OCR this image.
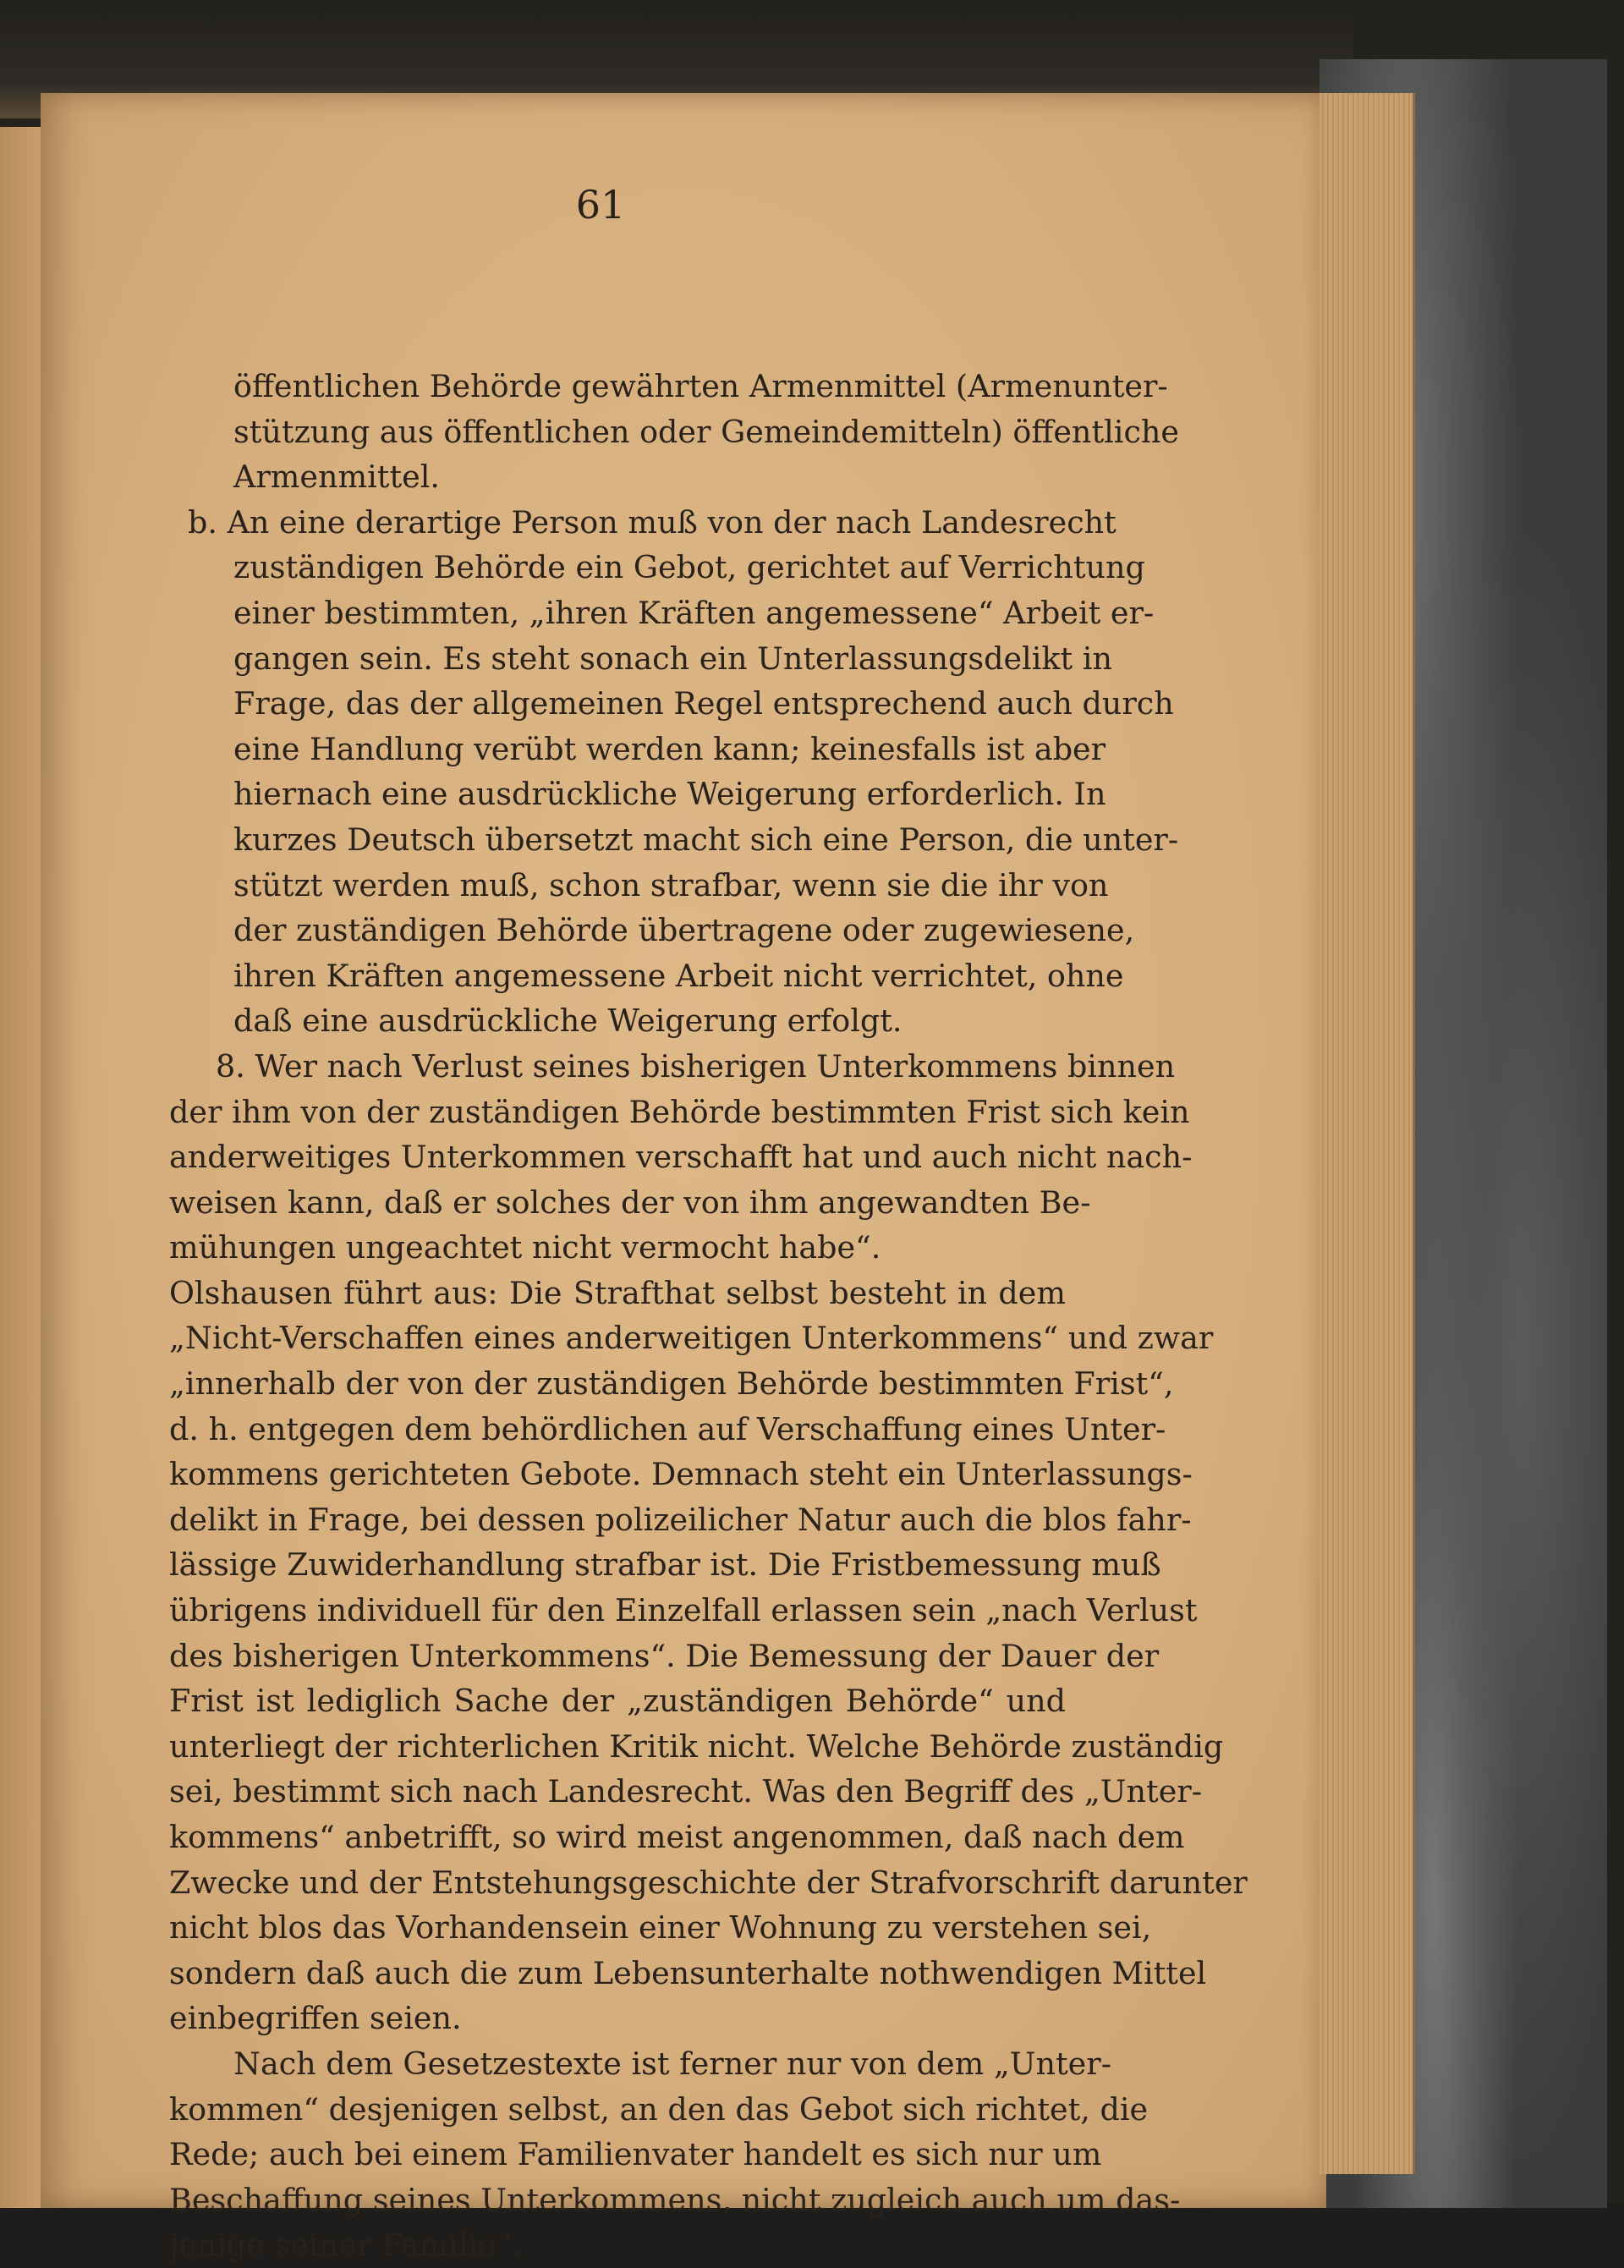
61
öffentlichen Behörde gewährten Armenmittel (Armenunter-
stützung aus öffentlichen oder Gemeindemitteln) öffentliche
Armenmittel.
b. An eine derartige Person muß von der nach Landesrecht
zuständigen Behörde ein Gebot, gerichtet auf Verrichtung
einer bestimmten, „ihren Kräften angemessene“ Arbeit er-
gangen sein. Es steht sonach ein Unterlassungsdelikt in
Frage, das der allgemeinen Regel entsprechend auch durch
eine Handlung verübt werden kann; keinesfalls ist aber
hiernach eine ausdrückliche Weigerung erforderlich. In
kurzes Deutsch übersetzt macht sich eine Person, die unter-
stützt werden muß, schon strafbar, wenn sie die ihr von
der zuständigen Behörde übertragene oder zugewiesene,
ihren Kräften angemessene Arbeit nicht verrichtet, ohne
daß eine ausdrückliche Weigerung erfolgt.
8. Wer nach Verlust seines bisherigen Unterkommens binnen
der ihm von der zuständigen Behörde bestimmten Frist sich kein
anderweitiges Unterkommen verschafft hat und auch nicht nach-
weisen kann, daß er solches der von ihm angewandten Be-
mühungen ungeachtet nicht vermocht habe“.
Olshausen führt aus: Die Strafthat selbst besteht in dem
„Nicht-Verschaffen eines anderweitigen Unterkommens“ und zwar
„innerhalb der von der zuständigen Behörde bestimmten Frist“,
d. h. entgegen dem behördlichen auf Verschaffung eines Unter-
kommens gerichteten Gebote. Demnach steht ein Unterlassungs-
delikt in Frage, bei dessen polizeilicher Natur auch die blos fahr-
lässige Zuwiderhandlung strafbar ist. Die Fristbemessung muß
übrigens individuell für den Einzelfall erlassen sein „nach Verlust
des bisherigen Unterkommens“. Die Bemessung der Dauer der
Frist ist lediglich Sache der „zuständigen Behörde“ und
unterliegt der richterlichen Kritik nicht. Welche Behörde zuständig
sei, bestimmt sich nach Landesrecht. Was den Begriff des „Unter-
kommens“ anbetrifft, so wird meist angenommen, daß nach dem
Zwecke und der Entstehungsgeschichte der Strafvorschrift darunter
nicht blos das Vorhandensein einer Wohnung zu verstehen sei,
sondern daß auch die zum Lebensunterhalte nothwendigen Mittel
einbegriffen seien.
Nach dem Gesetzestexte ist ferner nur von dem „Unter-
kommen“ desjenigen selbst, an den das Gebot sich richtet, die
Rede; auch bei einem Familienvater handelt es sich nur um
Beschaffung seines Unterkommens, nicht zugleich auch um das-
jenige seiner Familie“.
